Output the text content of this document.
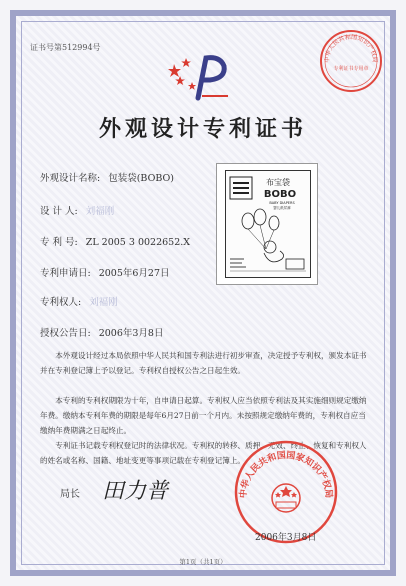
证书号第512994号
中华人民共和国知识产权局
专利证书专用章
外观设计专利证书
外观设计名称: 包装袋(BOBO)
设 计 人: 刘福刚
专 利 号: ZL 2005 3 0022652.X
专利申请日: 2005年6月27日
专利权人: 刘福刚
授权公告日: 2006年3月8日
布宝袋
BOBO
BABY DIAPERS
婴儿纸尿裤
本外观设计经过本局依照中华人民共和国专利法进行初步审查，决定授予专利权，颁发本证书并在专利登记簿上予以登记。专利权自授权公告之日起生效。
本专利的专利权期限为十年，自申请日起算。专利权人应当依照专利法及其实施细则规定缴纳年费。缴纳本专利年费的期限是每年6月27日前一个月内。未按照规定缴纳年费的，专利权自应当缴纳年费期满之日起终止。
专利证书记载专利权登记时的法律状况。专利权的转移、质押、无效、终止、恢复和专利权人的姓名或名称、国籍、地址变更等事项记载在专利登记簿上。
局长 田力普	中华人民共和国国家知识产权局
2006年3月8日
第1页（共1页）
